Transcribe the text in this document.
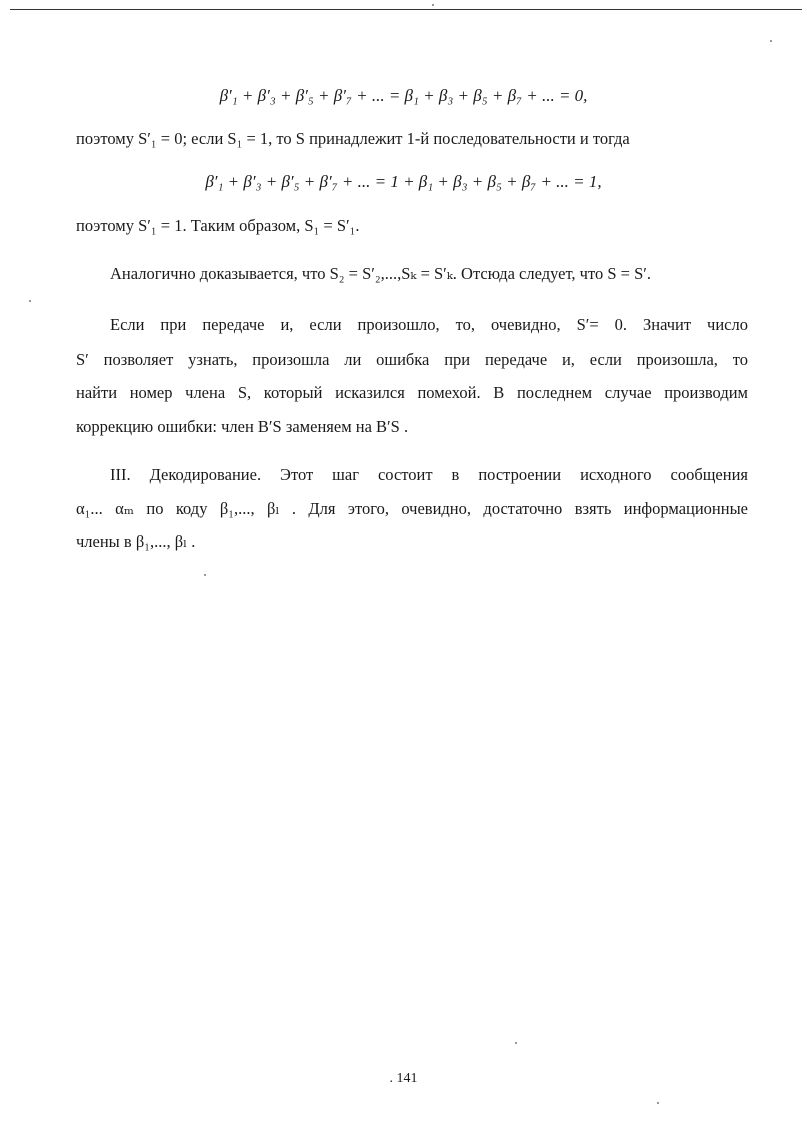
β′₁ + β′₃ + β′₅ + β′₇ + ... = β₁ + β₃ + β₅ + β₇ + ... = 0,
поэтому S′₁ = 0; если S₁ = 1, то S принадлежит 1-й последовательности и тогда
β′₁ + β′₃ + β′₅ + β′₇ + ... = 1 + β₁ + β₃ + β₅ + β₇ + ... = 1,
поэтому S′₁ = 1. Таким образом, S₁ = S′₁.
Аналогично доказывается, что S₂ = S′₂,...,Sₖ = S′ₖ. Отсюда следует, что S = S′.
Если при передаче и, если произошло, то, очевидно, S′= 0. Значит число
S′ позволяет узнать, произошла ли ошибка при передаче и, если произошла, то
найти номер члена S, который исказился помехой. В последнем случае производим
коррекцию ошибки: член B′S заменяем на B′S .
III. Декодирование. Этот шаг состоит в построении исходного сообщения
α₁... αₘ по коду β₁,..., βₗ . Для этого, очевидно, достаточно взять информационные
члены в β₁,..., βₗ .
. 141
